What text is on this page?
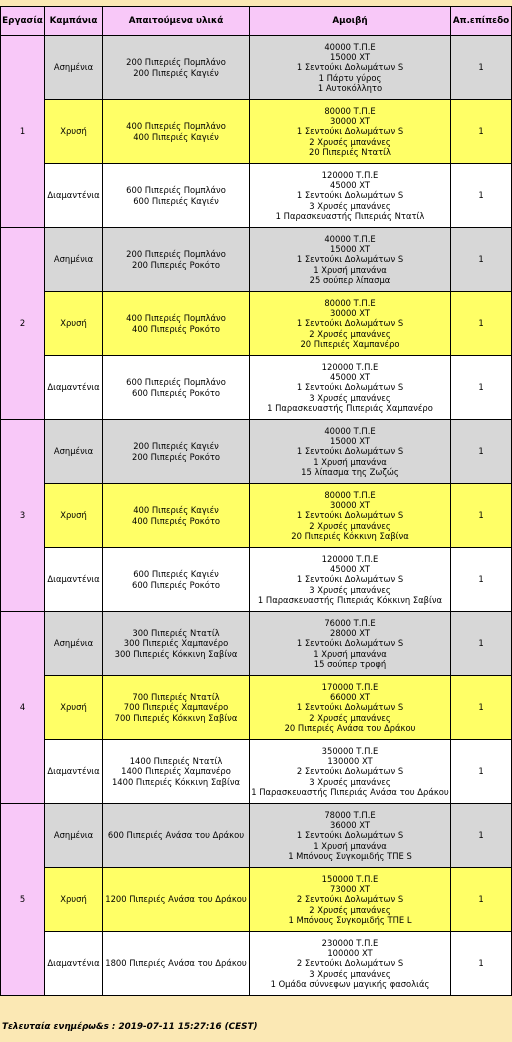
Εργασία	Καμπάνια	Απαιτούμενα υλικά	Αμοιβή	Απ.επίπεδο
1	Ασημένια	200 Πιπεριές Πομπλάνο
200 Πιπεριές Καγιέν	40000 Τ.Π.Ε
15000 XT
1 Σεντούκι Δολωμάτων S
1 Πάρτυ γύρος
1 Αυτοκόλλητο	1
	Χρυσή	400 Πιπεριές Πομπλάνο
400 Πιπεριές Καγιέν	80000 Τ.Π.Ε
30000 XT
1 Σεντούκι Δολωμάτων S
2 Χρυσές μπανάνες
20 Πιπεριές Ντατίλ	1
	Διαμαντένια	600 Πιπεριές Πομπλάνο
600 Πιπεριές Καγιέν	120000 Τ.Π.Ε
45000 XT
1 Σεντούκι Δολωμάτων S
3 Χρυσές μπανάνες
1 Παρασκευαστής Πιπεριάς Ντατίλ	1
2	Ασημένια	200 Πιπεριές Πομπλάνο
200 Πιπεριές Ροκότο	40000 Τ.Π.Ε
15000 XT
1 Σεντούκι Δολωμάτων S
1 Χρυσή μπανάνα
25 σούπερ λίπασμα	1
	Χρυσή	400 Πιπεριές Πομπλάνο
400 Πιπεριές Ροκότο	80000 Τ.Π.Ε
30000 XT
1 Σεντούκι Δολωμάτων S
2 Χρυσές μπανάνες
20 Πιπεριές Χαμπανέρο	1
	Διαμαντένια	600 Πιπεριές Πομπλάνο
600 Πιπεριές Ροκότο	120000 Τ.Π.Ε
45000 XT
1 Σεντούκι Δολωμάτων S
3 Χρυσές μπανάνες
1 Παρασκευαστής Πιπεριάς Χαμπανέρο	1
3	Ασημένια	200 Πιπεριές Καγιέν
200 Πιπεριές Ροκότο	40000 Τ.Π.Ε
15000 XT
1 Σεντούκι Δολωμάτων S
1 Χρυσή μπανάνα
15 λίπασμα της Ζωζώς	1
	Χρυσή	400 Πιπεριές Καγιέν
400 Πιπεριές Ροκότο	80000 Τ.Π.Ε
30000 XT
1 Σεντούκι Δολωμάτων S
2 Χρυσές μπανάνες
20 Πιπεριές Κόκκινη Σαβίνα	1
	Διαμαντένια	600 Πιπεριές Καγιέν
600 Πιπεριές Ροκότο	120000 Τ.Π.Ε
45000 XT
1 Σεντούκι Δολωμάτων S
3 Χρυσές μπανάνες
1 Παρασκευαστής Πιπεριάς Κόκκινη Σαβίνα	1
4	Ασημένια	300 Πιπεριές Ντατίλ
300 Πιπεριές Χαμπανέρο
300 Πιπεριές Κόκκινη Σαβίνα	76000 Τ.Π.Ε
28000 XT
1 Σεντούκι Δολωμάτων S
1 Χρυσή μπανάνα
15 σούπερ τροφή	1
	Χρυσή	700 Πιπεριές Ντατίλ
700 Πιπεριές Χαμπανέρο
700 Πιπεριές Κόκκινη Σαβίνα	170000 Τ.Π.Ε
66000 XT
1 Σεντούκι Δολωμάτων S
2 Χρυσές μπανάνες
20 Πιπεριές Ανάσα του Δράκου	1
	Διαμαντένια	1400 Πιπεριές Ντατίλ
1400 Πιπεριές Χαμπανέρο
1400 Πιπεριές Κόκκινη Σαβίνα	350000 Τ.Π.Ε
130000 XT
2 Σεντούκι Δολωμάτων S
3 Χρυσές μπανάνες
1 Παρασκευαστής Πιπεριάς Ανάσα του Δράκου	1
5	Ασημένια	600 Πιπεριές Ανάσα του Δράκου	78000 Τ.Π.Ε
36000 XT
1 Σεντούκι Δολωμάτων S
1 Χρυσή μπανάνα
1 Μπόνους Συγκομιδής ΤΠΕ S	1
	Χρυσή	1200 Πιπεριές Ανάσα του Δράκου	150000 Τ.Π.Ε
73000 XT
2 Σεντούκι Δολωμάτων S
2 Χρυσές μπανάνες
1 Μπόνους Συγκομιδής ΤΠΕ L	1
	Διαμαντένια	1800 Πιπεριές Ανάσα του Δράκου	230000 Τ.Π.Ε
100000 XT
2 Σεντούκι Δολωμάτων S
3 Χρυσές μπανάνες
1 Ομάδα σύννεφων μαγικής φασολιάς	1
Τελευταία ενημέρω&s : 2019-07-11 15:27:16 (CEST)
